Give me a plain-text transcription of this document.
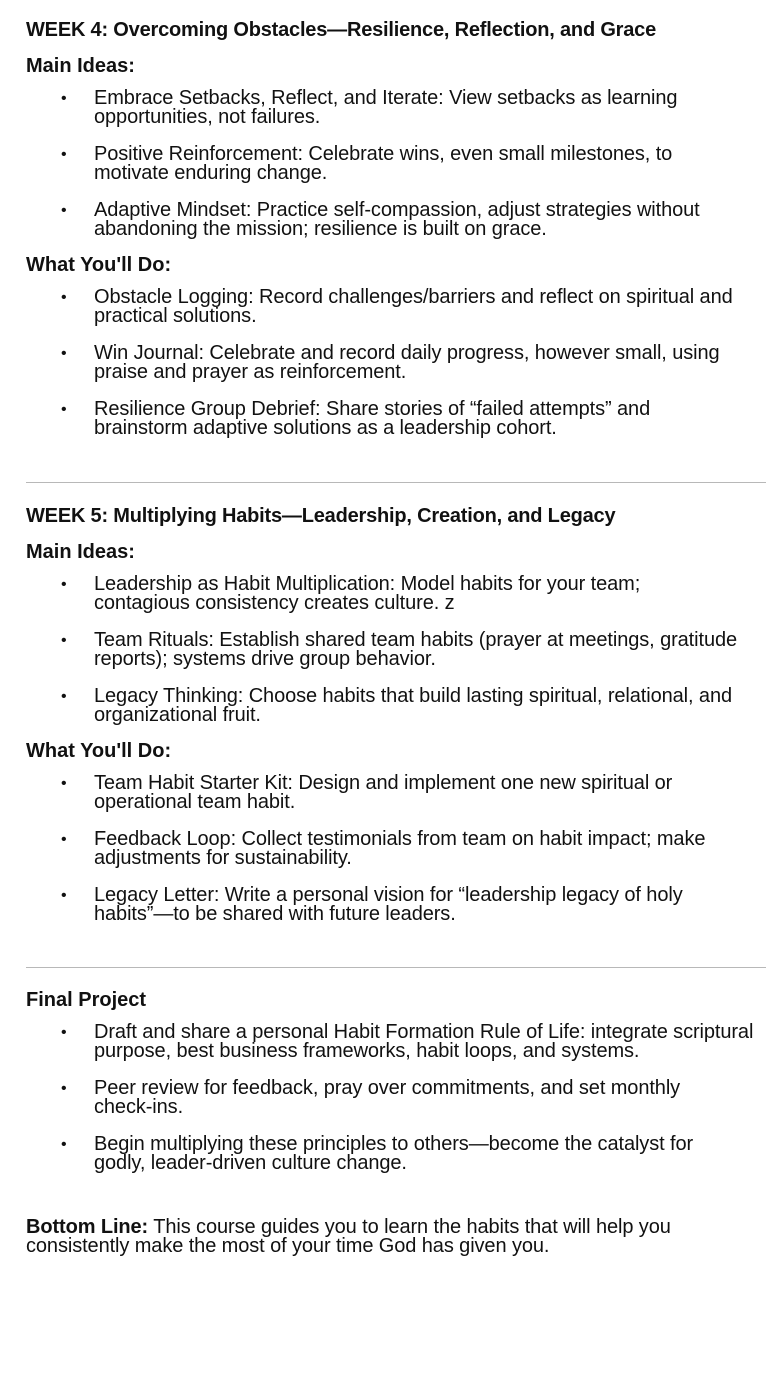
WEEK 4: Overcoming Obstacles—Resilience, Reflection, and Grace

Main Ideas:

• Embrace Setbacks, Reflect, and Iterate: View setbacks as learning opportunities, not failures.
• Positive Reinforcement: Celebrate wins, even small milestones, to motivate enduring change.
• Adaptive Mindset: Practice self-compassion, adjust strategies without abandoning the mission; resilience is built on grace.

What You'll Do:

• Obstacle Logging: Record challenges/barriers and reflect on spiritual and practical solutions.
• Win Journal: Celebrate and record daily progress, however small, using praise and prayer as reinforcement.
• Resilience Group Debrief: Share stories of “failed attempts” and brainstorm adaptive solutions as a leadership cohort.

WEEK 5: Multiplying Habits—Leadership, Creation, and Legacy

Main Ideas:

• Leadership as Habit Multiplication: Model habits for your team; contagious consistency creates culture. z
• Team Rituals: Establish shared team habits (prayer at meetings, gratitude reports); systems drive group behavior.
• Legacy Thinking: Choose habits that build lasting spiritual, relational, and organizational fruit.

What You'll Do:

• Team Habit Starter Kit: Design and implement one new spiritual or operational team habit.
• Feedback Loop: Collect testimonials from team on habit impact; make adjustments for sustainability.
• Legacy Letter: Write a personal vision for “leadership legacy of holy habits”—to be shared with future leaders.

Final Project

• Draft and share a personal Habit Formation Rule of Life: integrate scriptural purpose, best business frameworks, habit loops, and systems.
• Peer review for feedback, pray over commitments, and set monthly check-ins.
• Begin multiplying these principles to others—become the catalyst for godly, leader-driven culture change.

Bottom Line: This course guides you to learn the habits that will help you consistently make the most of your time God has given you.
